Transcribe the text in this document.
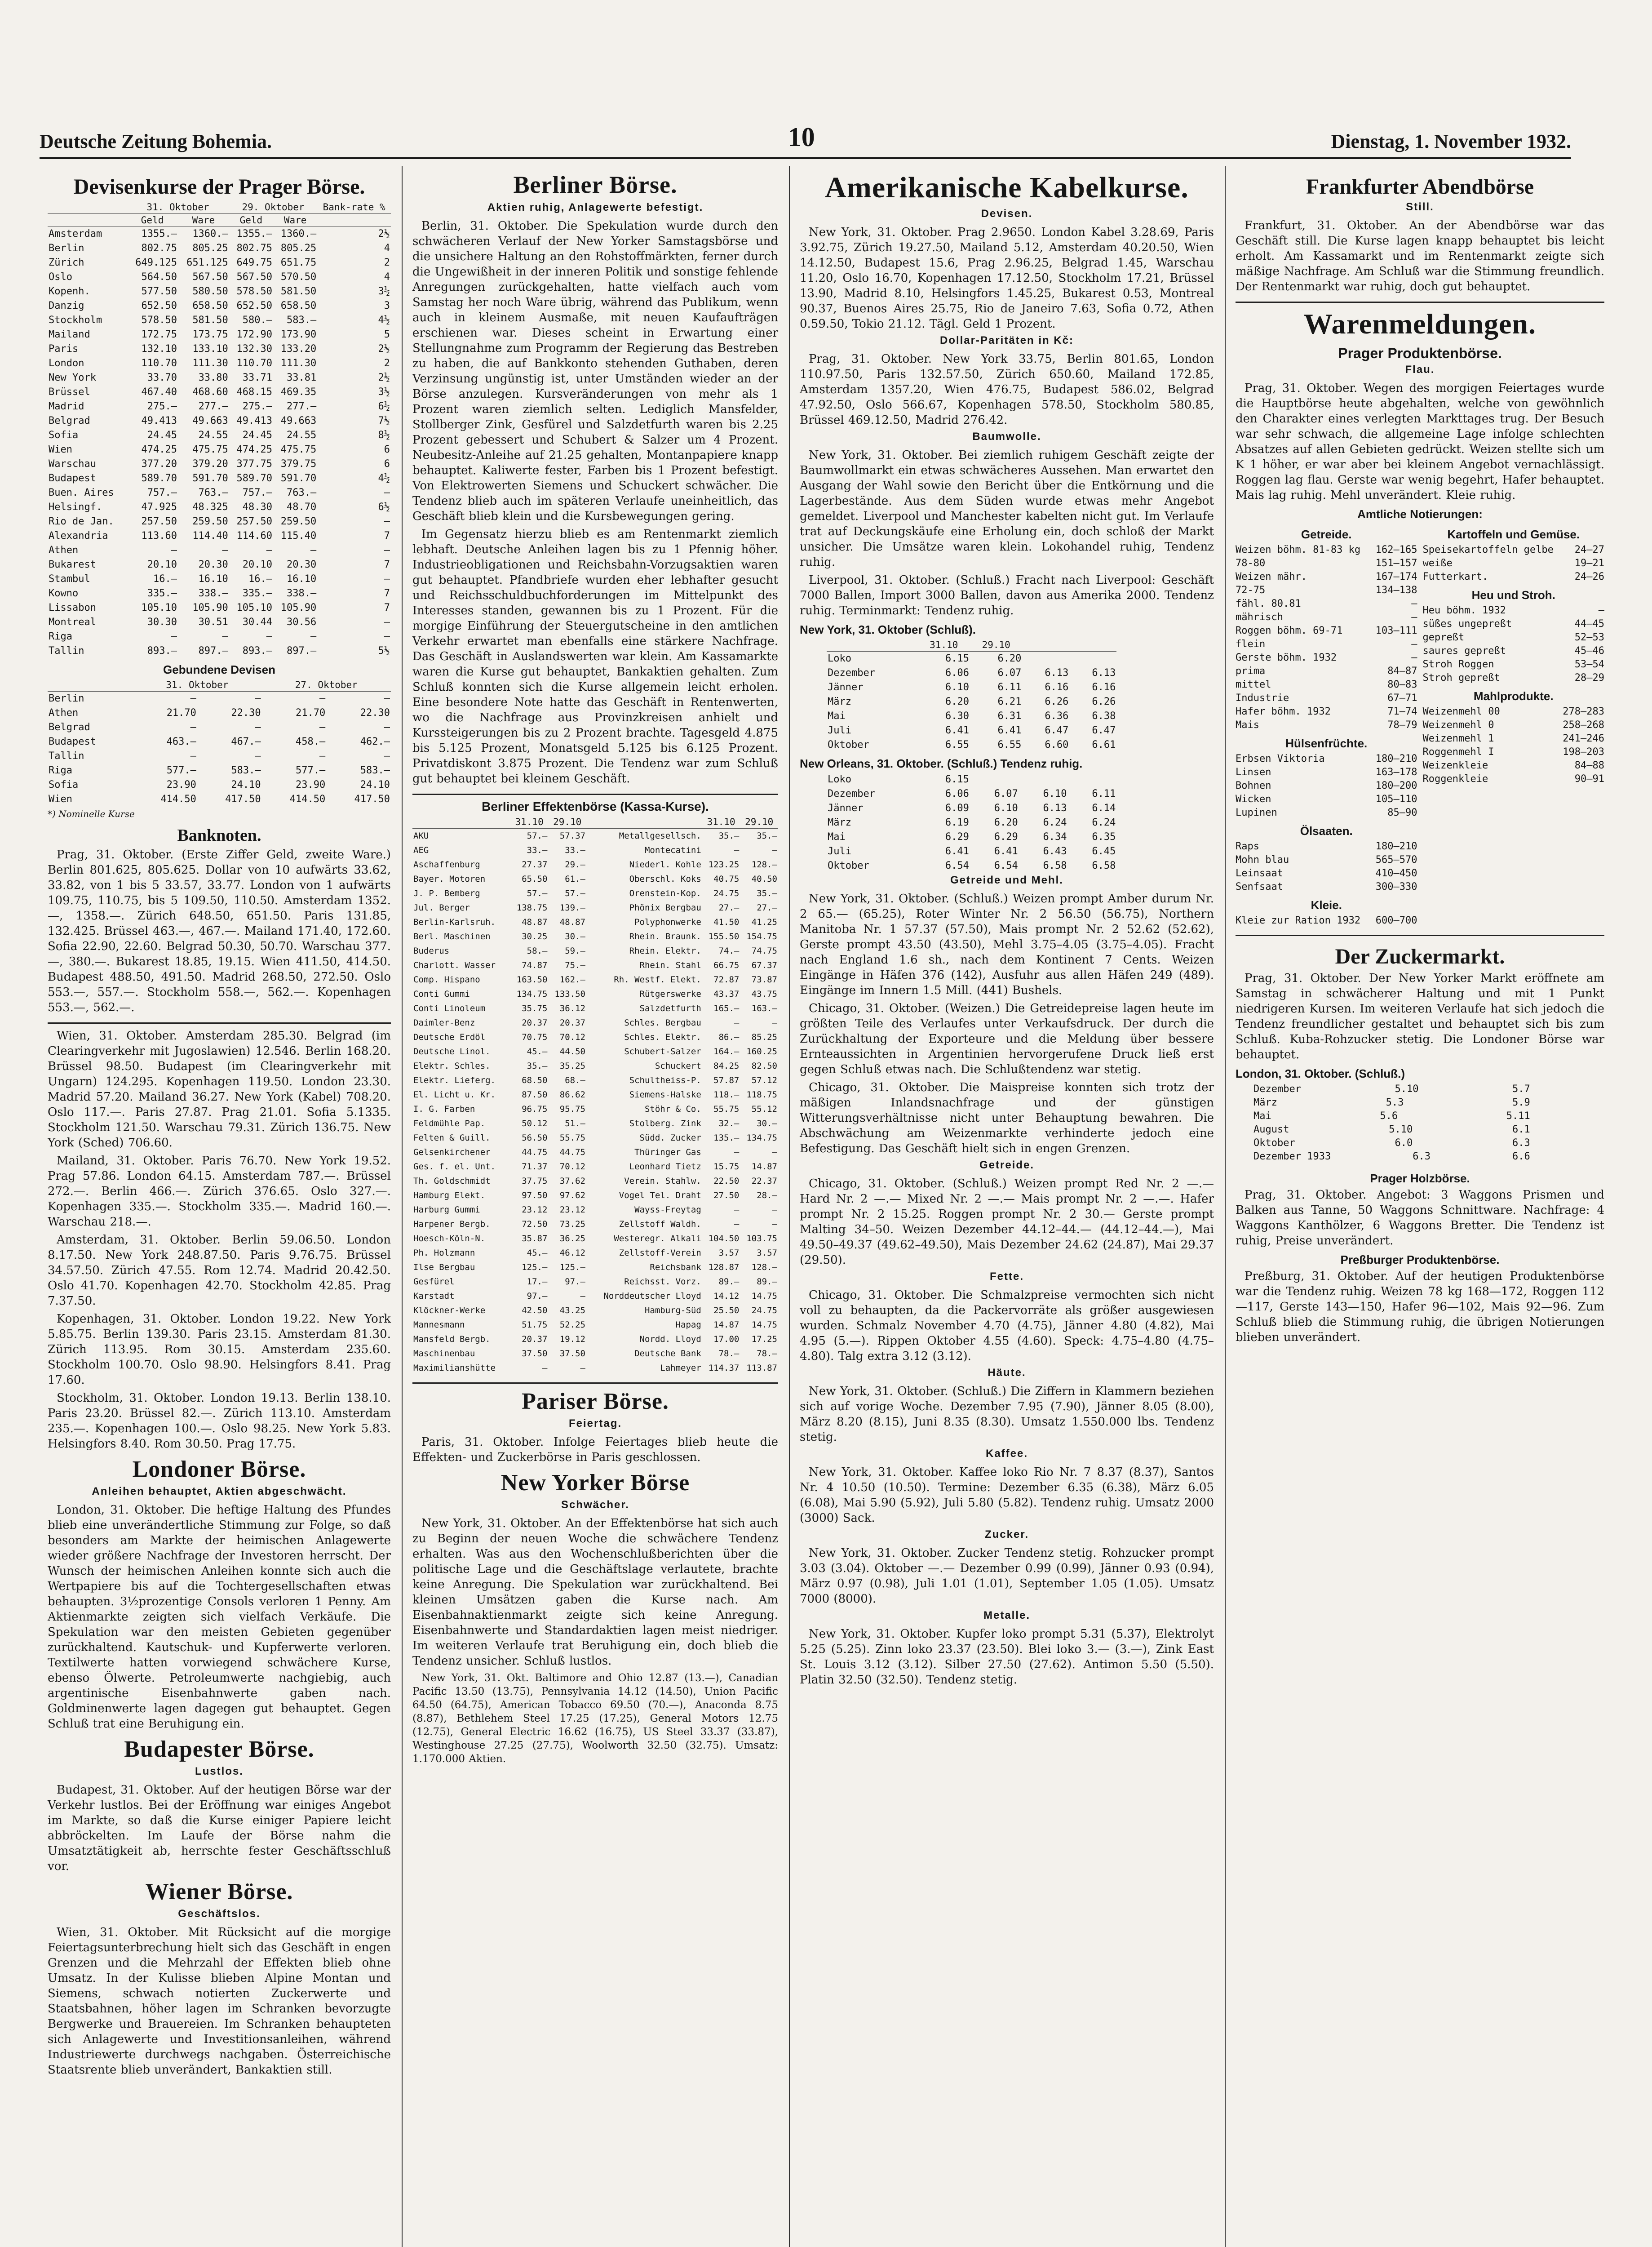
Deutsche Zeitung Bohemia.	10	Dienstag, 1. November 1932.
Devisenkurse der Prager Börse.
	31. Oktober		29. Oktober		Bank-rate %
	Geld	Ware	Geld	Ware	
Amsterdam	1355.—	1360.—	1355.—	1360.—	2½
Berlin	802.75	805.25	802.75	805.25	4
Zürich	649.125	651.125	649.75	651.75	2
Oslo	564.50	567.50	567.50	570.50	4
Kopenh.	577.50	580.50	578.50	581.50	3½
Danzig	652.50	658.50	652.50	658.50	3
Stockholm	578.50	581.50	580.—	583.—	4½
Mailand	172.75	173.75	172.90	173.90	5
Paris	132.10	133.10	132.30	133.20	2½
London	110.70	111.30	110.70	111.30	2
New York	33.70	33.80	33.71	33.81	2½
Brüssel	467.40	468.60	468.15	469.35	3½
Madrid	275.—	277.—	275.—	277.—	6½
Belgrad	49.413	49.663	49.413	49.663	7½
Sofia	24.45	24.55	24.45	24.55	8½
Wien	474.25	475.75	474.25	475.75	6
Warschau	377.20	379.20	377.75	379.75	6
Budapest	589.70	591.70	589.70	591.70	4½
Buen. Aires	757.—	763.—	757.—	763.—	—
Helsingf.	47.925	48.325	48.30	48.70	6½
Rio de Jan.	257.50	259.50	257.50	259.50	—
Alexandria	113.60	114.40	114.60	115.40	7
Athen	—	—	—	—	—
Bukarest	20.10	20.30	20.10	20.30	7
Stambul	16.—	16.10	16.—	16.10	—
Kowno	335.—	338.—	335.—	338.—	7
Lissabon	105.10	105.90	105.10	105.90	7
Montreal	30.30	30.51	30.44	30.56	—
Riga	—	—	—	—	—
Tallin	893.—	897.—	893.—	897.—	5½
Gebundene Devisen
	31. Oktober		27. Oktober	
Berlin	—	—	—	—
Athen	21.70	22.30	21.70	22.30
Belgrad	—	—	—	—
Budapest	463.—	467.—	458.—	462.—
Tallin	—	—	—	—
Riga	577.—	583.—	577.—	583.—
Sofia	23.90	24.10	23.90	24.10
Wien	414.50	417.50	414.50	417.50
*) Nominelle Kurse
Banknoten.

Prag, 31. Oktober. (Erste Ziffer Geld, zweite Ware.) Berlin 801.625, 805.625. Dollar von 10 aufwärts 33.62, 33.82, von 1 bis 5 33.57, 33.77. London von 1 aufwärts 109.75, 110.75, bis 5 109.50, 110.50. Amsterdam 1352.—, 1358.—. Zürich 648.50, 651.50. Paris 131.85, 132.425. Brüssel 463.—, 467.—. Mailand 171.40, 172.60. Sofia 22.90, 22.60. Belgrad 50.30, 50.70. Warschau 377.—, 380.—. Bukarest 18.85, 19.15. Wien 411.50, 414.50. Budapest 488.50, 491.50. Madrid 268.50, 272.50. Oslo 553.—, 557.—. Stockholm 558.—, 562.—. Kopenhagen 553.—, 562.—.

Wien, 31. Oktober. Amsterdam 285.30. Belgrad (im Clearingverkehr mit Jugoslawien) 12.546. Berlin 168.20. Brüssel 98.50. Budapest (im Clearingverkehr mit Ungarn) 124.295. Kopenhagen 119.50. London 23.30. Madrid 57.20. Mailand 36.27. New York (Kabel) 708.20. Oslo 117.—. Paris 27.87. Prag 21.01. Sofia 5.1335. Stockholm 121.50. Warschau 79.31. Zürich 136.75. New York (Sched) 706.60.

Mailand, 31. Oktober. Paris 76.70. New York 19.52. Prag 57.86. London 64.15. Amsterdam 787.—. Brüssel 272.—. Berlin 466.—. Zürich 376.65. Oslo 327.—. Kopenhagen 335.—. Stockholm 335.—. Madrid 160.—. Warschau 218.—.

Amsterdam, 31. Oktober. Berlin 59.06.50. London 8.17.50. New York 248.87.50. Paris 9.76.75. Brüssel 34.57.50. Zürich 47.55. Rom 12.74. Madrid 20.42.50. Oslo 41.70. Kopenhagen 42.70. Stockholm 42.85. Prag 7.37.50.

Kopenhagen, 31. Oktober. London 19.22. New York 5.85.75. Berlin 139.30. Paris 23.15. Amsterdam 81.30. Zürich 113.95. Rom 30.15. Amsterdam 235.60. Stockholm 100.70. Oslo 98.90. Helsingfors 8.41. Prag 17.60.

Stockholm, 31. Oktober. London 19.13. Berlin 138.10. Paris 23.20. Brüssel 82.—. Zürich 113.10. Amsterdam 235.—. Kopenhagen 100.—. Oslo 98.25. New York 5.83. Helsingfors 8.40. Rom 30.50. Prag 17.75.

Londoner Börse.
Anleihen behauptet, Aktien abgeschwächt.

London, 31. Oktober. Die heftige Haltung des Pfundes blieb eine unverändertliche Stimmung zur Folge, so daß besonders am Markte der heimischen Anlagewerte wieder größere Nachfrage der Investoren herrscht. Der Wunsch der heimischen Anleihen konnte sich auch die Wertpapiere bis auf die Tochtergesellschaften etwas behaupten. 3½prozentige Consols verloren 1 Penny. Am Aktienmarkte zeigten sich vielfach Verkäufe. Die Spekulation war den meisten Gebieten gegenüber zurückhaltend. Kautschuk- und Kupferwerte verloren. Textilwerte hatten vorwiegend schwächere Kurse, ebenso Ölwerte. Petroleumwerte nachgiebig, auch argentinische Eisenbahnwerte gaben nach. Goldminenwerte lagen dagegen gut behauptet. Gegen Schluß trat eine Beruhigung ein.

Budapester Börse.
Lustlos.

Budapest, 31. Oktober. Auf der heutigen Börse war der Verkehr lustlos. Bei der Eröffnung war einiges Angebot im Markte, so daß die Kurse einiger Papiere leicht abbröckelten. Im Laufe der Börse nahm die Umsatztätigkeit ab, herrschte fester Geschäftsschluß vor.

Wiener Börse.
Geschäftslos.

Wien, 31. Oktober. Mit Rücksicht auf die morgige Feiertagsunterbrechung hielt sich das Geschäft in engen Grenzen und die Mehrzahl der Effekten blieb ohne Umsatz. In der Kulisse blieben Alpine Montan und Siemens, schwach notierten Zuckerwerte und Staatsbahnen, höher lagen im Schranken bevorzugte Bergwerke und Brauereien. Im Schranken behaupteten sich Anlagewerte und Investitionsanleihen, während Industriewerte durchwegs nachgaben. Österreichische Staatsrente blieb unverändert, Bankaktien still.

Berliner Börse.
Aktien ruhig, Anlagewerte befestigt.

Berlin, 31. Oktober. Die Spekulation wurde durch den schwächeren Verlauf der New Yorker Samstagsbörse und die unsichere Haltung an den Rohstoffmärkten, ferner durch die Ungewißheit in der inneren Politik und sonstige fehlende Anregungen zurückgehalten, hatte vielfach auch vom Samstag her noch Ware übrig, während das Publikum, wenn auch in kleinem Ausmaße, mit neuen Kaufaufträgen erschienen war. Dieses scheint in Erwartung einer Stellungnahme zum Programm der Regierung das Bestreben zu haben, die auf Bankkonto stehenden Guthaben, deren Verzinsung ungünstig ist, unter Umständen wieder an der Börse anzulegen. Kursveränderungen von mehr als 1 Prozent waren ziemlich selten. Lediglich Mansfelder, Stollberger Zink, Gesfürel und Salzdetfurth waren bis 2.25 Prozent gebessert und Schubert & Salzer um 4 Prozent. Neubesitz-Anleihe auf 21.25 gehalten, Montanpapiere knapp behauptet. Kaliwerte fester, Farben bis 1 Prozent befestigt. Von Elektrowerten Siemens und Schuckert schwächer. Die Tendenz blieb auch im späteren Verlaufe uneinheitlich, das Geschäft blieb klein und die Kursbewegungen gering.

Im Gegensatz hierzu blieb es am Rentenmarkt ziemlich lebhaft. Deutsche Anleihen lagen bis zu 1 Pfennig höher. Industrieobligationen und Reichsbahn-Vorzugsaktien waren gut behauptet. Pfandbriefe wurden eher lebhafter gesucht und Reichsschuldbuchforderungen im Mittelpunkt des Interesses standen, gewannen bis zu 1 Prozent. Für die morgige Einführung der Steuergutscheine in den amtlichen Verkehr erwartet man ebenfalls eine stärkere Nachfrage. Das Geschäft in Auslandswerten war klein. Am Kassamarkte waren die Kurse gut behauptet, Bankaktien gehalten. Zum Schluß konnten sich die Kurse allgemein leicht erholen. Eine besondere Note hatte das Geschäft in Rentenwerten, wo die Nachfrage aus Provinzkreisen anhielt und Kurssteigerungen bis zu 2 Prozent brachte. Tagesgeld 4.875 bis 5.125 Prozent, Monatsgeld 5.125 bis 6.125 Prozent. Privatdiskont 3.875 Prozent. Die Tendenz war zum Schluß gut behauptet bei kleinem Geschäft.

Berliner Effektenbörse (Kassa-Kurse).
	31.10	29.10		31.10	29.10
AKU	57.—	57.37	Metallgesellsch.	35.—	35.—
AEG	33.—	33.—	Montecatini	—	—
Aschaffenburg	27.37	29.—	Niederl. Kohle	123.25	128.—
Bayer. Motoren	65.50	61.—	Oberschl. Koks	40.75	40.50
J. P. Bemberg	57.—	57.—	Orenstein-Kop.	24.75	35.—
Jul. Berger	138.75	139.—	Phönix Bergbau	27.—	27.—
Berlin-Karlsruh.	48.87	48.87	Polyphonwerke	41.50	41.25
Berl. Maschinen	30.25	30.—	Rhein. Braunk.	155.50	154.75
Buderus	58.—	59.—	Rhein. Elektr.	74.—	74.75
Charlott. Wasser	74.87	75.—	Rhein. Stahl	66.75	67.37
Comp. Hispano	163.50	162.—	Rh. Westf. Elekt.	72.87	73.87
Conti Gummi	134.75	133.50	Rütgerswerke	43.37	43.75
Conti Linoleum	35.75	36.12	Salzdetfurth	165.—	163.—
Daimler-Benz	20.37	20.37	Schles. Bergbau	—	—
Deutsche Erdöl	70.75	70.12	Schles. Elektr.	86.—	85.25
Deutsche Linol.	45.—	44.50	Schubert-Salzer	164.—	160.25
Elektr. Schles.	35.—	35.25	Schuckert	84.25	82.50
Elektr. Lieferg.	68.50	68.—	Schultheiss-P.	57.87	57.12
El. Licht u. Kr.	87.50	86.62	Siemens-Halske	118.—	118.75
I. G. Farben	96.75	95.75	Stöhr & Co.	55.75	55.12
Feldmühle Pap.	50.12	51.—	Stolberg. Zink	32.—	30.—
Felten & Guill.	56.50	55.75	Südd. Zucker	135.—	134.75
Gelsenkirchener	44.75	44.75	Thüringer Gas	—	—
Ges. f. el. Unt.	71.37	70.12	Leonhard Tietz	15.75	14.87
Th. Goldschmidt	37.75	37.62	Verein. Stahlw.	22.50	22.37
Hamburg Elekt.	97.50	97.62	Vogel Tel. Draht	27.50	28.—
Harburg Gummi	23.12	23.12	Wayss-Freytag	—	—
Harpener Bergb.	72.50	73.25	Zellstoff Waldh.	—	—
Hoesch-Köln-N.	35.87	36.25	Westeregr. Alkali	104.50	103.75
Ph. Holzmann	45.—	46.12	Zellstoff-Verein	3.57	3.57
Ilse Bergbau	125.—	125.—	Reichsbank	128.87	128.—
Gesfürel	17.—	97.—	Reichsst. Vorz.	89.—	89.—
Karstadt	97.—	—	Norddeutscher Lloyd	14.12	14.75
Klöckner-Werke	42.50	43.25	Hamburg-Süd	25.50	24.75
Mannesmann	51.75	52.25	Hapag	14.87	14.75
Mansfeld Bergb.	20.37	19.12	Nordd. Lloyd	17.00	17.25
Maschinenbau	37.50	37.50	Deutsche Bank	78.—	78.—
Maximilianshütte	—	—	Lahmeyer	114.37	113.87
Pariser Börse.
Feiertag.

Paris, 31. Oktober. Infolge Feiertages blieb heute die Effekten- und Zuckerbörse in Paris geschlossen.

New Yorker Börse
Schwächer.

New York, 31. Oktober. An der Effektenbörse hat sich auch zu Beginn der neuen Woche die schwächere Tendenz erhalten. Was aus den Wochenschlußberichten über die politische Lage und die Geschäftslage verlautete, brachte keine Anregung. Die Spekulation war zurückhaltend. Bei kleinen Umsätzen gaben die Kurse nach. Am Eisenbahnaktienmarkt zeigte sich keine Anregung. Eisenbahnwerte und Standardaktien lagen meist niedriger. Im weiteren Verlaufe trat Beruhigung ein, doch blieb die Tendenz unsicher. Schluß lustlos.

New York, 31. Okt. Baltimore and Ohio 12.87 (13.—), Canadian Pacific 13.50 (13.75), Pennsylvania 14.12 (14.50), Union Pacific 64.50 (64.75), American Tobacco 69.50 (70.—), Anaconda 8.75 (8.87), Bethlehem Steel 17.25 (17.25), General Motors 12.75 (12.75), General Electric 16.62 (16.75), US Steel 33.37 (33.87), Westinghouse 27.25 (27.75), Woolworth 32.50 (32.75). Umsatz: 1.170.000 Aktien.

Amerikanische Kabelkurse.
Devisen.

New York, 31. Oktober. Prag 2.9650. London Kabel 3.28.69, Paris 3.92.75, Zürich 19.27.50, Mailand 5.12, Amsterdam 40.20.50, Wien 14.12.50, Budapest 15.6, Prag 2.96.25, Belgrad 1.45, Warschau 11.20, Oslo 16.70, Kopenhagen 17.12.50, Stockholm 17.21, Brüssel 13.90, Madrid 8.10, Helsingfors 1.45.25, Bukarest 0.53, Montreal 90.37, Buenos Aires 25.75, Rio de Janeiro 7.63, Sofia 0.72, Athen 0.59.50, Tokio 21.12. Tägl. Geld 1 Prozent.

Dollar-Paritäten in Kč:

Prag, 31. Oktober. New York 33.75, Berlin 801.65, London 110.97.50, Paris 132.57.50, Zürich 650.60, Mailand 172.85, Amsterdam 1357.20, Wien 476.75, Budapest 586.02, Belgrad 47.92.50, Oslo 566.67, Kopenhagen 578.50, Stockholm 580.85, Brüssel 469.12.50, Madrid 276.42.

Baumwolle.

New York, 31. Oktober. Bei ziemlich ruhigem Geschäft zeigte der Baumwollmarkt ein etwas schwächeres Aussehen. Man erwartet den Ausgang der Wahl sowie den Bericht über die Entkörnung und die Lagerbestände. Aus dem Süden wurde etwas mehr Angebot gemeldet. Liverpool und Manchester kabelten nicht gut. Im Verlaufe trat auf Deckungskäufe eine Erholung ein, doch schloß der Markt unsicher. Die Umsätze waren klein. Lokohandel ruhig, Tendenz ruhig.

Liverpool, 31. Oktober. (Schluß.) Fracht nach Liverpool: Geschäft 7000 Ballen, Import 3000 Ballen, davon aus Amerika 2000. Tendenz ruhig. Terminmarkt: Tendenz ruhig.

New York, 31. Oktober (Schluß).
	31.10	29.10		
Loko	6.15	6.20		
Dezember	6.06	6.07	6.13	6.13
Jänner	6.10	6.11	6.16	6.16
März	6.20	6.21	6.26	6.26
Mai	6.30	6.31	6.36	6.38
Juli	6.41	6.41	6.47	6.47
Oktober	6.55	6.55	6.60	6.61
New Orleans, 31. Oktober. (Schluß.) Tendenz ruhig.
Loko	6.15			
Dezember	6.06	6.07	6.10	6.11
Jänner	6.09	6.10	6.13	6.14
März	6.19	6.20	6.24	6.24
Mai	6.29	6.29	6.34	6.35
Juli	6.41	6.41	6.43	6.45
Oktober	6.54	6.54	6.58	6.58
Getreide und Mehl.

New York, 31. Oktober. (Schluß.) Weizen prompt Amber durum Nr. 2 65.— (65.25), Roter Winter Nr. 2 56.50 (56.75), Northern Manitoba Nr. 1 57.37 (57.50), Mais prompt Nr. 2 52.62 (52.62), Gerste prompt 43.50 (43.50), Mehl 3.75–4.05 (3.75–4.05). Fracht nach England 1.6 sh., nach dem Kontinent 7 Cents. Weizen Eingänge in Häfen 376 (142), Ausfuhr aus allen Häfen 249 (489). Eingänge im Innern 1.5 Mill. (441) Bushels.

Chicago, 31. Oktober. (Weizen.) Die Getreidepreise lagen heute im größten Teile des Verlaufes unter Verkaufsdruck. Der durch die Zurückhaltung der Exporteure und die Meldung über bessere Ernteaussichten in Argentinien hervorgerufene Druck ließ erst gegen Schluß etwas nach. Die Schlußtendenz war stetig.

Chicago, 31. Oktober. Die Maispreise konnten sich trotz der mäßigen Inlandsnachfrage und der günstigen Witterungsverhältnisse nicht unter Behauptung bewahren. Die Abschwächung am Weizenmarkte verhinderte jedoch eine Befestigung. Das Geschäft hielt sich in engen Grenzen.

Getreide.

Chicago, 31. Oktober. (Schluß.) Weizen prompt Red Nr. 2 —.— Hard Nr. 2 —.— Mixed Nr. 2 —.— Mais prompt Nr. 2 —.—. Hafer prompt Nr. 2 15.25. Roggen prompt Nr. 2 30.— Gerste prompt Malting 34–50. Weizen Dezember 44.12–44.— (44.12–44.—), Mai 49.50–49.37 (49.62–49.50), Mais Dezember 24.62 (24.87), Mai 29.37 (29.50).

Fette.

Chicago, 31. Oktober. Die Schmalzpreise vermochten sich nicht voll zu behaupten, da die Packervorräte als größer ausgewiesen wurden. Schmalz November 4.70 (4.75), Jänner 4.80 (4.82), Mai 4.95 (5.—). Rippen Oktober 4.55 (4.60). Speck: 4.75–4.80 (4.75–4.80). Talg extra 3.12 (3.12).

Häute.

New York, 31. Oktober. (Schluß.) Die Ziffern in Klammern beziehen sich auf vorige Woche. Dezember 7.95 (7.90), Jänner 8.05 (8.00), März 8.20 (8.15), Juni 8.35 (8.30). Umsatz 1.550.000 lbs. Tendenz stetig.

Kaffee.

New York, 31. Oktober. Kaffee loko Rio Nr. 7 8.37 (8.37), Santos Nr. 4 10.50 (10.50). Termine: Dezember 6.35 (6.38), März 6.05 (6.08), Mai 5.90 (5.92), Juli 5.80 (5.82). Tendenz ruhig. Umsatz 2000 (3000) Sack.

Zucker.

New York, 31. Oktober. Zucker Tendenz stetig. Rohzucker prompt 3.03 (3.04). Oktober —.— Dezember 0.99 (0.99), Jänner 0.93 (0.94), März 0.97 (0.98), Juli 1.01 (1.01), September 1.05 (1.05). Umsatz 7000 (8000).

Metalle.

New York, 31. Oktober. Kupfer loko prompt 5.31 (5.37), Elektrolyt 5.25 (5.25). Zinn loko 23.37 (23.50). Blei loko 3.— (3.—), Zink East St. Louis 3.12 (3.12). Silber 27.50 (27.62). Antimon 5.50 (5.50). Platin 32.50 (32.50). Tendenz stetig.

Frankfurter Abendbörse
Still.

Frankfurt, 31. Oktober. An der Abendbörse war das Geschäft still. Die Kurse lagen knapp behauptet bis leicht erholt. Am Kassamarkt und im Rentenmarkt zeigte sich mäßige Nachfrage. Am Schluß war die Stimmung freundlich. Der Rentenmarkt war ruhig, doch gut behauptet.

Warenmeldungen.
Prager Produktenbörse.
Flau.

Prag, 31. Oktober. Wegen des morgigen Feiertages wurde die Hauptbörse heute abgehalten, welche von gewöhnlich den Charakter eines verlegten Markttages trug. Der Besuch war sehr schwach, die allgemeine Lage infolge schlechten Absatzes auf allen Gebieten gedrückt. Weizen stellte sich um K 1 höher, er war aber bei kleinem Angebot vernachlässigt. Roggen lag flau. Gerste war wenig begehrt, Hafer behauptet. Mais lag ruhig. Mehl unverändert. Kleie ruhig.

Amtliche Notierungen:
Getreide.
Weizen böhm. 81-83 kg 162—165
78-80	151—157
Weizen mähr.	167—174
72-75	134—138
fähl. 80.81	—
mährisch	—
Roggen böhm. 69-71	103—111
flein	—
Gerste böhm. 1932	—
prima	84—87
mittel	80—83
Industrie	67—71
Hafer böhm. 1932	71—74
Mais	78—79
Hülsenfrüchte.
Erbsen Viktoria	180—210
Linsen	163—178
Bohnen	180—200
Wicken	105—110
Lupinen	85—90
Ölsaaten.
Raps	180—210
Mohn blau	565—570
Leinsaat	410—450
Senfsaat	300—330
Kleie.
Kleie zur Ration 1932 600—700
Kartoffeln und Gemüse.
Speisekartoffeln gelbe 24—27
weiße	19—21
Futterkart.	24—26
Heu und Stroh.
Heu böhm. 1932	—
süßes ungepreßt	44—45
gepreßt	52—53
saures gepreßt	45—46
Stroh Roggen	53—54
Stroh gepreßt	28—29
Mahlprodukte.
Weizenmehl 00	278—283
Weizenmehl 0	258—268
Weizenmehl 1	241—246
Roggenmehl I	198—203
Weizenkleie	84—88
Roggenkleie	90—91
Der Zuckermarkt.

Prag, 31. Oktober. Der New Yorker Markt eröffnete am Samstag in schwächerer Haltung und mit 1 Punkt niedrigeren Kursen. Im weiteren Verlaufe hat sich jedoch die Tendenz freundlicher gestaltet und behauptet sich bis zum Schluß. Kuba-Rohzucker stetig. Die Londoner Börse war behauptet.

London, 31. Oktober. (Schluß.)
Dezember	5.10	5.7
März	5.3	5.9
Mai	5.6	5.11
August	5.10	6.1
Oktober	6.0	6.3
Dezember 1933	6.3	6.6
Prager Holzbörse.

Prag, 31. Oktober. Angebot: 3 Waggons Prismen und Balken aus Tanne, 50 Waggons Schnittware. Nachfrage: 4 Waggons Kanthölzer, 6 Waggons Bretter. Die Tendenz ist ruhig, Preise unverändert.

Preßburger Produktenbörse.

Preßburg, 31. Oktober. Auf der heutigen Produktenbörse war die Tendenz ruhig. Weizen 78 kg 168—172, Roggen 112—117, Gerste 143—150, Hafer 96—102, Mais 92—96. Zum Schluß blieb die Stimmung ruhig, die übrigen Notierungen blieben unverändert.
